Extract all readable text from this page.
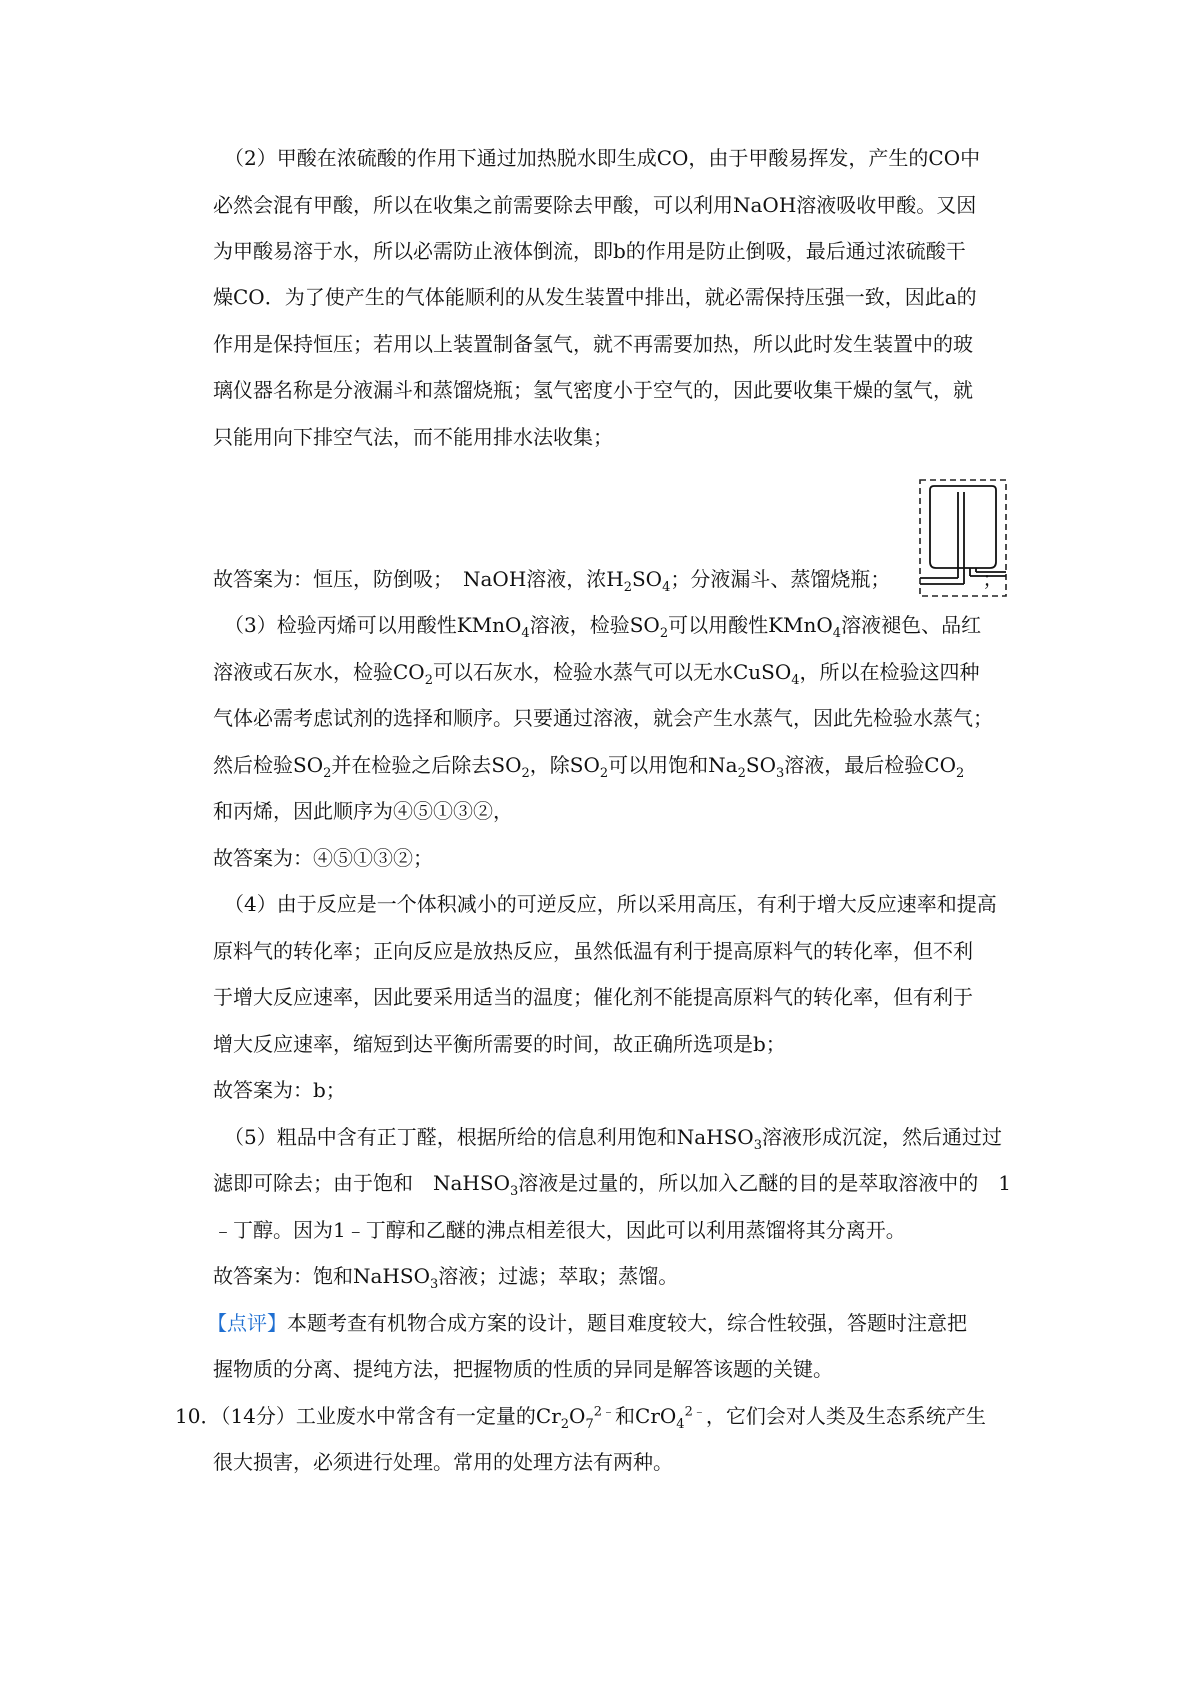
（2）甲酸在浓硫酸的作用下通过加热脱水即生成CO，由于甲酸易挥发，产生的CO中
必然会混有甲酸，所以在收集之前需要除去甲酸，可以利用NaOH溶液吸收甲酸。又因
为甲酸易溶于水，所以必需防止液体倒流，即b的作用是防止倒吸，最后通过浓硫酸干
燥CO．为了使产生的气体能顺利的从发生装置中排出，就必需保持压强一致，因此a的
作用是保持恒压；若用以上装置制备氢气，就不再需要加热，所以此时发生装置中的玻
璃仪器名称是分液漏斗和蒸馏烧瓶；氢气密度小于空气的，因此要收集干燥的氢气，就
只能用向下排空气法，而不能用排水法收集；
故答案为：恒压，防倒吸；　NaOH溶液，浓$H_2SO_4$；分液漏斗、蒸馏烧瓶；	；
（3）检验丙烯可以用酸性KMnO$_4$溶液，检验$SO_2$可以用酸性KMnO$_4$溶液褪色、品红
溶液或石灰水，检验$CO_2$可以石灰水，检验水蒸气可以无水CuSO$_4$，所以在检验这四种
气体必需考虑试剂的选择和顺序。只要通过溶液，就会产生水蒸气，因此先检验水蒸气；
然后检验$SO_2$并在检验之后除去$SO_2$，除$SO_2$可以用饱和$Na_2SO_3$溶液，最后检验$CO_2$
和丙烯，因此顺序为④⑤①③②，
故答案为：④⑤①③②；
（4）由于反应是一个体积减小的可逆反应，所以采用高压，有利于增大反应速率和提高
原料气的转化率；正向反应是放热反应，虽然低温有利于提高原料气的转化率，但不利
于增大反应速率，因此要采用适当的温度；催化剂不能提高原料气的转化率，但有利于
增大反应速率，缩短到达平衡所需要的时间，故正确所选项是b；
故答案为：b；
（5）粗品中含有正丁醛，根据所给的信息利用饱和NaHSO$_3$溶液形成沉淀，然后通过过
滤即可除去；由于饱和　NaHSO$_3$溶液是过量的，所以加入乙醚的目的是萃取溶液中的　1
﹣丁醇。因为1﹣丁醇和乙醚的沸点相差很大，因此可以利用蒸馏将其分离开。
故答案为：饱和NaHSO$_3$溶液；过滤；萃取；蒸馏。
【点评】本题考查有机物合成方案的设计，题目难度较大，综合性较强，答题时注意把
握物质的分离、提纯方法，把握物质的性质的异同是解答该题的关键。
10．（14分）工业废水中常含有一定量的$Cr_2O_7^{2﹣}$和CrO$_4^{2﹣}$，它们会对人类及生态系统产生
很大损害，必须进行处理。常用的处理方法有两种。
